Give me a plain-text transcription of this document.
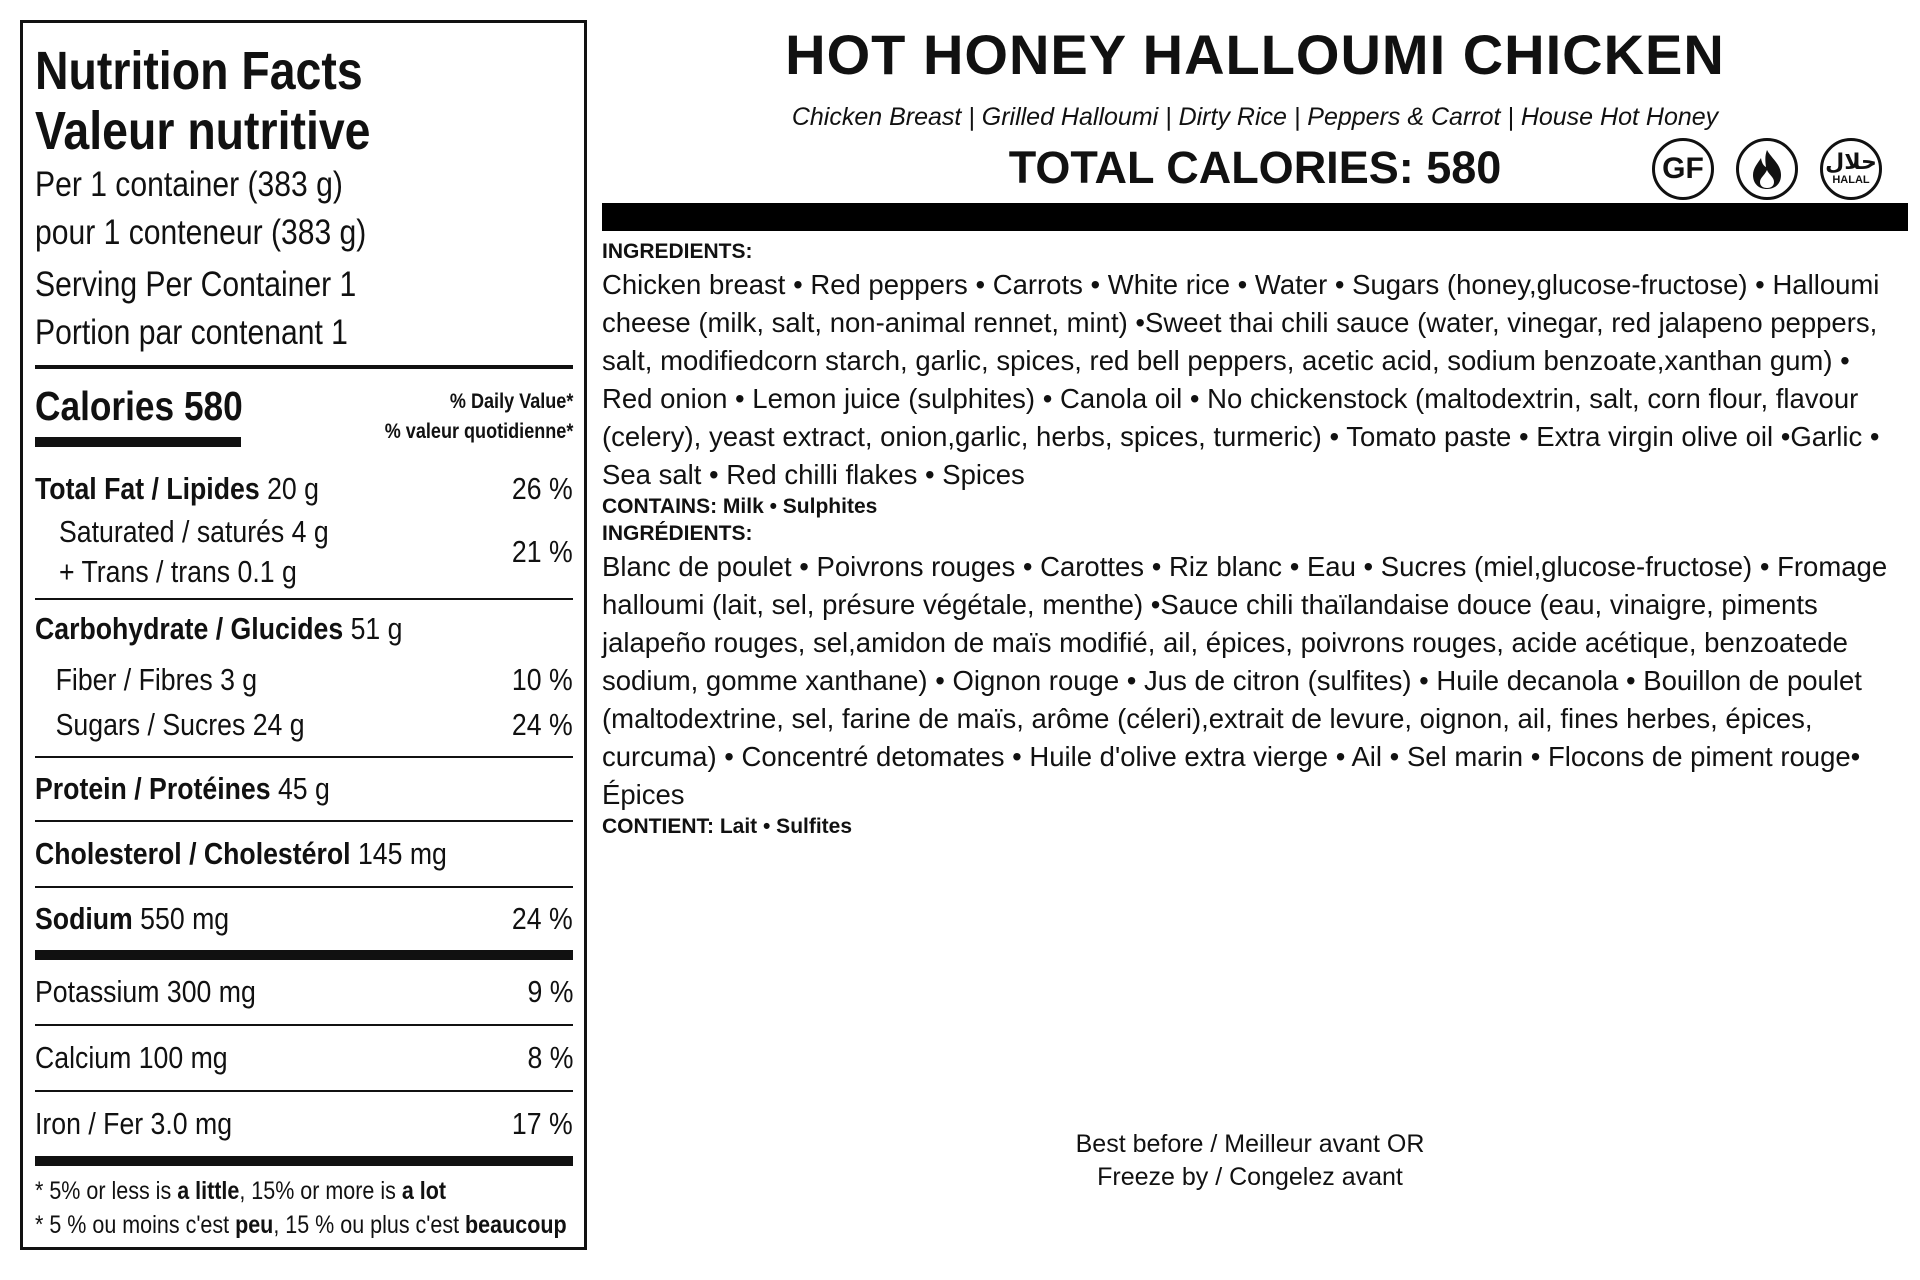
Nutrition Facts
Valeur nutritive
Per 1 container (383 g)
pour 1 conteneur (383 g)
Serving Per Container 1
Portion par contenant 1
Calories 580	% Daily Value*
% valeur quotidienne*
Total Fat / Lipides 20 g	26 %
Saturated / saturés 4 g
+ Trans / trans 0.1 g
21 %
Carbohydrate / Glucides 51 g
Fiber / Fibres 3 g	10 %
Sugars / Sucres 24 g	24 %
Protein / Protéines 45 g
Cholesterol / Cholestérol 145 mg
Sodium 550 mg	24 %
Potassium 300 mg	9 %
Calcium 100 mg	8 %
Iron / Fer 3.0 mg	17 %
* 5% or less is a little, 15% or more is a lot
* 5 % ou moins c'est peu, 15 % ou plus c'est beaucoup
HOT HONEY HALLOUMI CHICKEN
Chicken Breast | Grilled Halloumi | Dirty Rice | Peppers & Carrot | House Hot Honey
TOTAL CALORIES: 580	GF	حلال
HALAL
INGREDIENTS:
Chicken breast • Red peppers • Carrots • White rice • Water • Sugars (honey,glucose-fructose) • Halloumi cheese (milk, salt, non-animal rennet, mint) •Sweet thai chili sauce (water, vinegar, red jalapeno peppers, salt, modifiedcorn starch, garlic, spices, red bell peppers, acetic acid, sodium benzoate,xanthan gum) • Red onion • Lemon juice (sulphites) • Canola oil • No chickenstock (maltodextrin, salt, corn flour, flavour (celery), yeast extract, onion,garlic, herbs, spices, turmeric) • Tomato paste • Extra virgin olive oil •Garlic • Sea salt • Red chilli flakes • Spices
CONTAINS: Milk • Sulphites
INGRÉDIENTS:
Blanc de poulet • Poivrons rouges • Carottes • Riz blanc • Eau • Sucres (miel,glucose-fructose) • Fromage halloumi (lait, sel, présure végétale, menthe) •Sauce chili thaïlandaise douce (eau, vinaigre, piments jalapeño rouges, sel,amidon de maïs modifié, ail, épices, poivrons rouges, acide acétique, benzoatede sodium, gomme xanthane) • Oignon rouge • Jus de citron (sulfites) • Huile decanola • Bouillon de poulet (maltodextrine, sel, farine de maïs, arôme (céleri),extrait de levure, oignon, ail, fines herbes, épices, curcuma) • Concentré detomates • Huile d'olive extra vierge • Ail • Sel marin • Flocons de piment rouge• Épices
CONTIENT: Lait • Sulfites
Best before / Meilleur avant OR
Freeze by / Congelez avant
